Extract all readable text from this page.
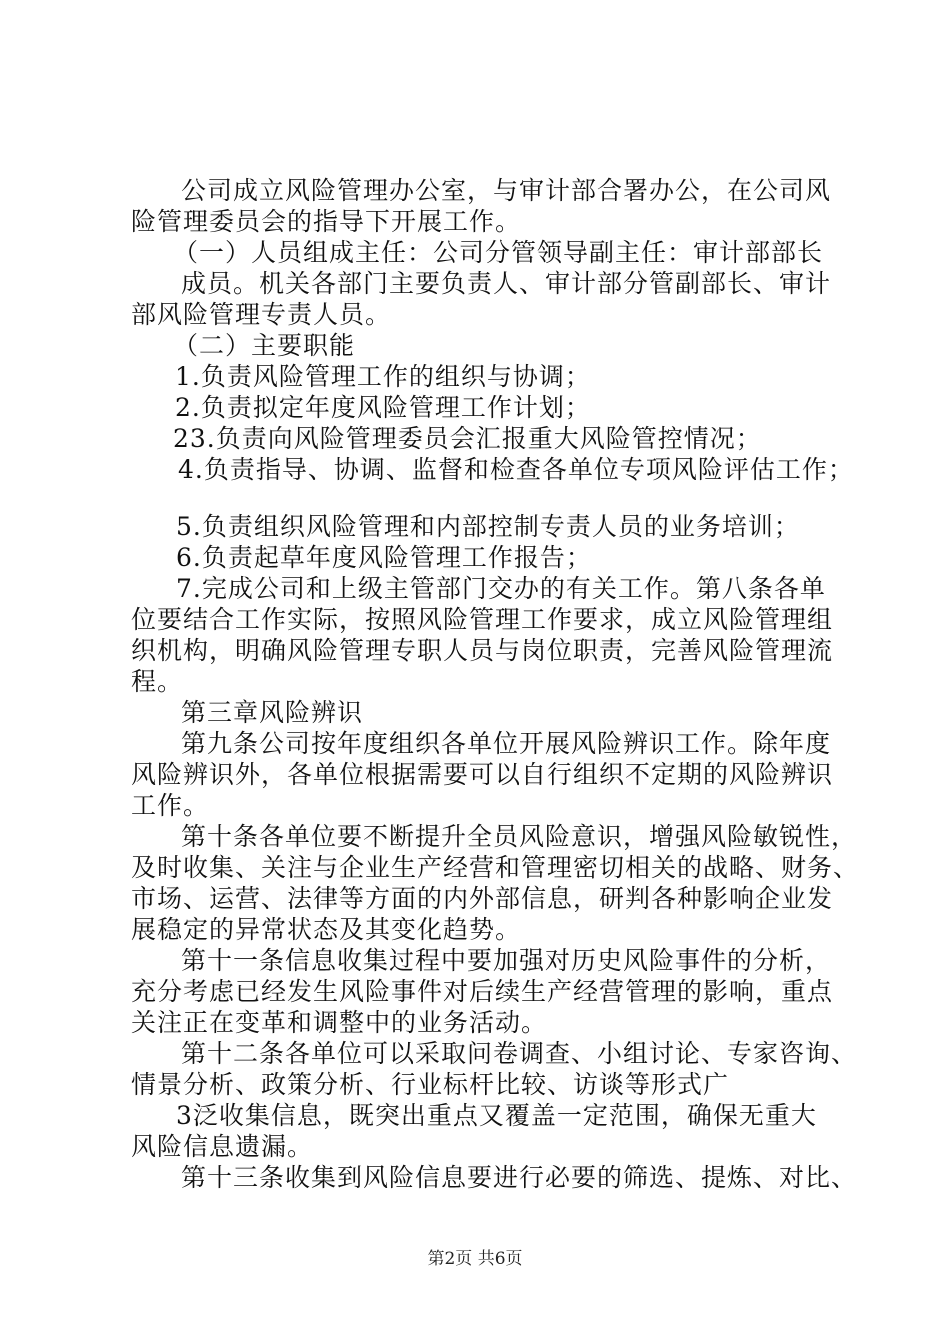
公司成立风险管理办公室，与审计部合署办公，在公司风
险管理委员会的指导下开展工作。
（一）人员组成主任：公司分管领导副主任：审计部部长
成员。机关各部门主要负责人、审计部分管副部长、审计
部风险管理专责人员。
（二）主要职能
1.负责风险管理工作的组织与协调；
2.负责拟定年度风险管理工作计划；
23.负责向风险管理委员会汇报重大风险管控情况；
4.负责指导、协调、监督和检查各单位专项风险评估工作；
5.负责组织风险管理和内部控制专责人员的业务培训；
6.负责起草年度风险管理工作报告；
7.完成公司和上级主管部门交办的有关工作。第八条各单
位要结合工作实际，按照风险管理工作要求，成立风险管理组
织机构，明确风险管理专职人员与岗位职责，完善风险管理流
程。
第三章风险辨识
第九条公司按年度组织各单位开展风险辨识工作。除年度
风险辨识外，各单位根据需要可以自行组织不定期的风险辨识
工作。
第十条各单位要不断提升全员风险意识，增强风险敏锐性，
及时收集、关注与企业生产经营和管理密切相关的战略、财务、
市场、运营、法律等方面的内外部信息，研判各种影响企业发
展稳定的异常状态及其变化趋势。
第十一条信息收集过程中要加强对历史风险事件的分析，
充分考虑已经发生风险事件对后续生产经营管理的影响，重点
关注正在变革和调整中的业务活动。
第十二条各单位可以采取问卷调查、小组讨论、专家咨询、
情景分析、政策分析、行业标杆比较、访谈等形式广
3泛收集信息，既突出重点又覆盖一定范围，确保无重大
风险信息遗漏。
第十三条收集到风险信息要进行必要的筛选、提炼、对比、
第2页 共6页
